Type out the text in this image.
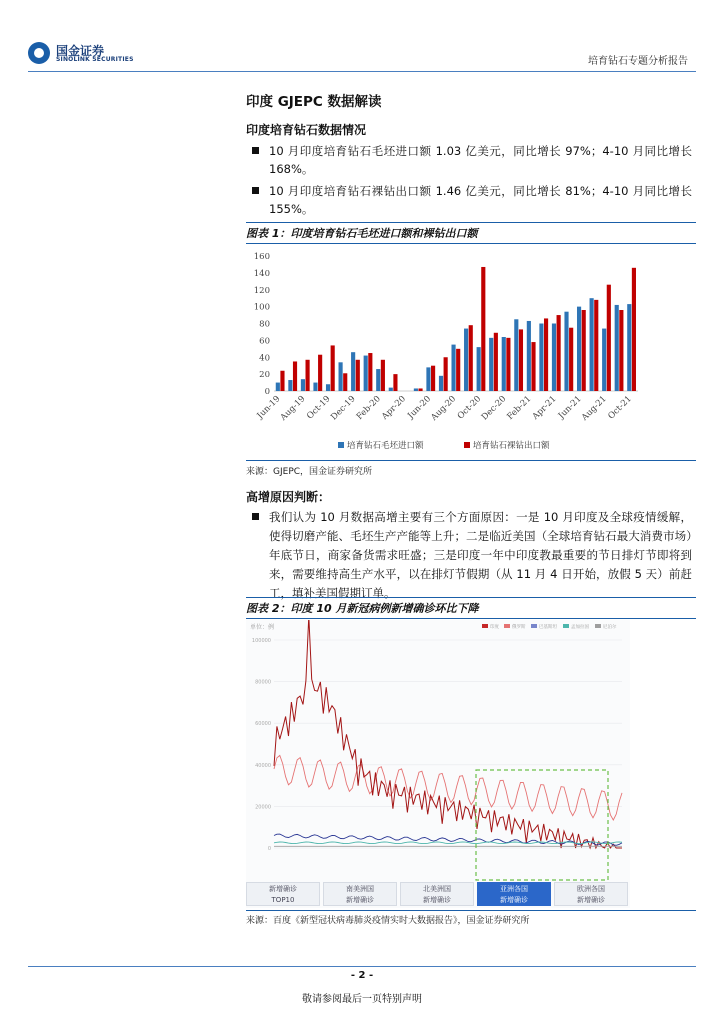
国金证券
SINOLINK SECURITIES	培育钻石专题分析报告
印度 GJEPC 数据解读
印度培育钻石数据情况
10 月印度培育钻石毛坯进口额 1.03 亿美元，同比增长 97%；4-10 月同比增长 168%。
10 月印度培育钻石裸钻出口额 1.46 亿美元，同比增长 81%；4-10 月同比增长 155%。
图表 1：印度培育钻石毛坯进口额和裸钻出口额
0
20
40
60
80
100
120
140
160
Jun-19
Aug-19
Oct-19
Dec-19
Feb-20
Apr-20
Jun-20
Aug-20
Oct-20
Dec-20
Feb-21
Apr-21
Jun-21
Aug-21
Oct-21
培育钻石毛坯进口额	培育钻石裸钻出口额
来源：GJEPC，国金证券研究所
高增原因判断：
我们认为 10 月数据高增主要有三个方面原因：一是 10 月印度及全球疫情缓解，使得切磨产能、毛坯生产产能等上升；二是临近美国（全球培育钻石最大消费市场）年底节日，商家备货需求旺盛；三是印度一年中印度教最重要的节日排灯节即将到来，需要维持高生产水平，以在排灯节假期（从 11 月 4 日开始，放假 5 天）前赶工，填补美国假期订单。
图表 2：印度 10 月新冠病例新增确诊环比下降
单位：例
100000
80000
60000
40000
20000
0
印度	俄罗斯	巴基斯坦	孟加拉国	尼泊尔
新增确诊
TOP10
南美洲国
新增确诊
北美洲国
新增确诊
亚洲各国
新增确诊
欧洲各国
新增确诊
来源：百度《新型冠状病毒肺炎疫情实时大数据报告》，国金证券研究所
- 2 -
敬请参阅最后一页特别声明
